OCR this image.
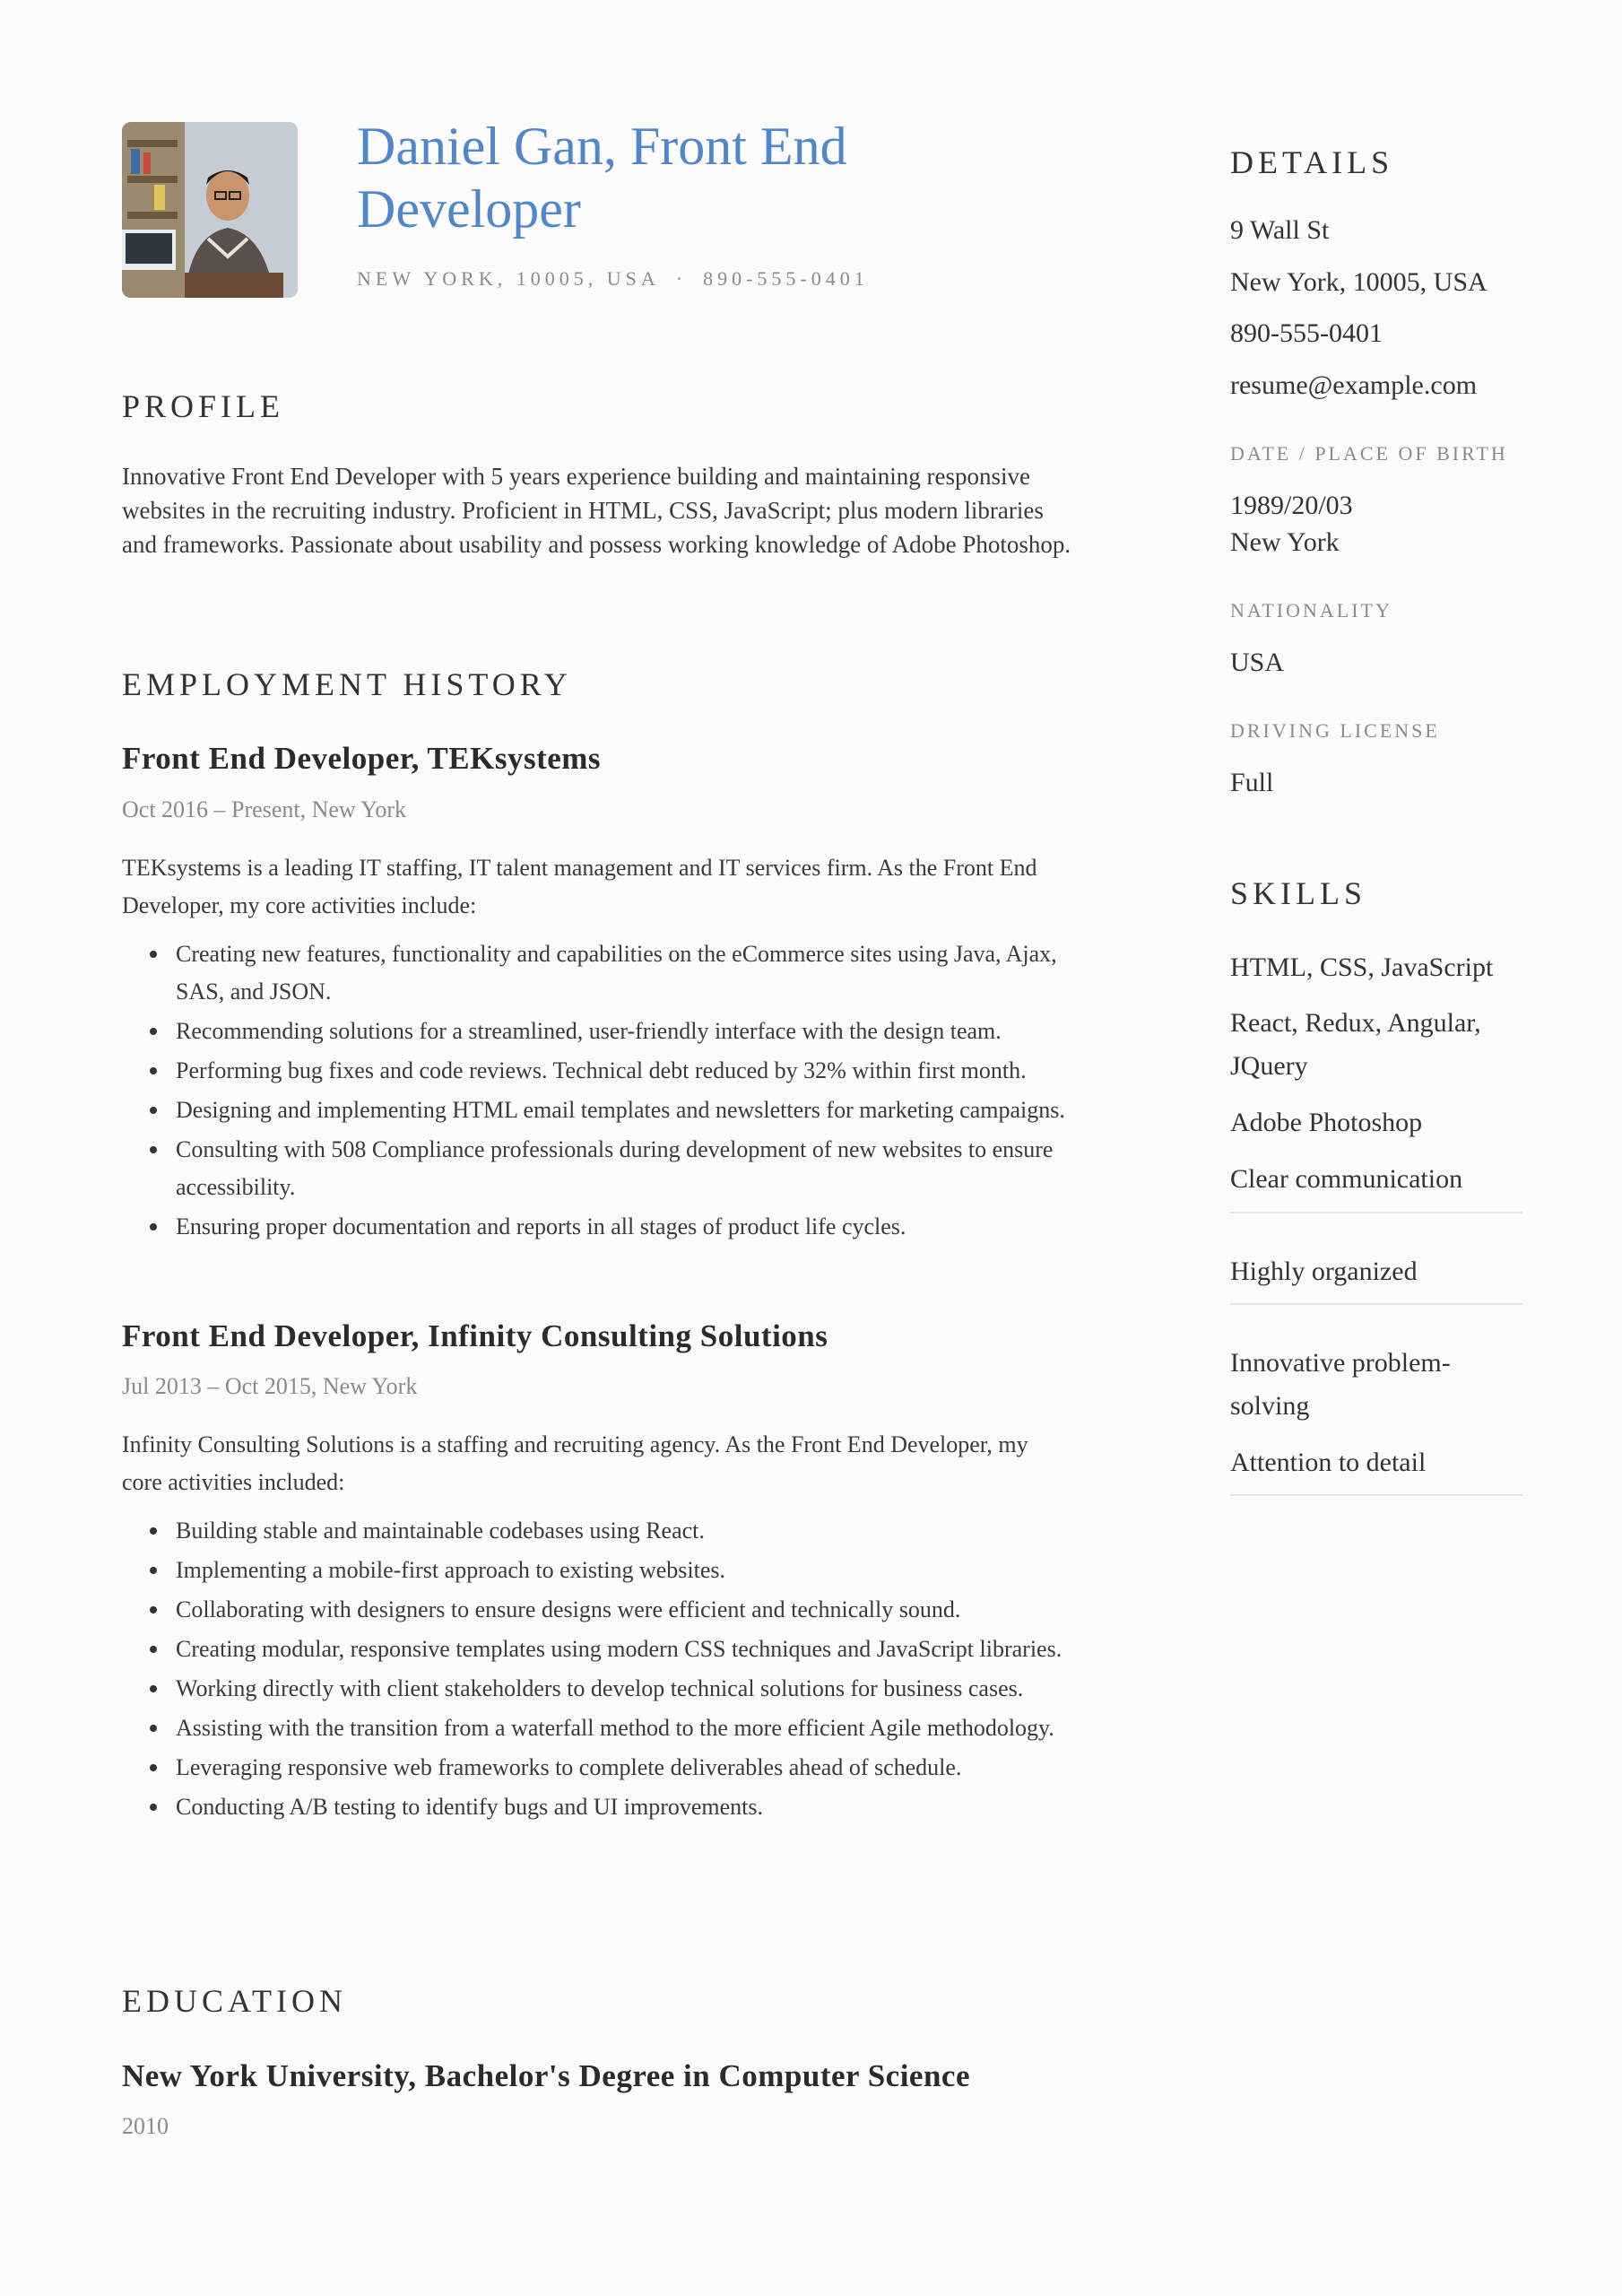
Daniel Gan, Front End Developer
NEW YORK, 10005, USA · 890-555-0401
PROFILE

Innovative Front End Developer with 5 years experience building and maintaining responsive websites in the recruiting industry. Proficient in HTML, CSS, JavaScript; plus modern libraries and frameworks. Passionate about usability and possess working knowledge of Adobe Photoshop.

EMPLOYMENT HISTORY
Front End Developer, TEKsystems
Oct 2016 – Present, New York

TEKsystems is a leading IT staffing, IT talent management and IT services firm. As the Front End Developer, my core activities include:

Creating new features, functionality and capabilities on the eCommerce sites using Java, Ajax, SAS, and JSON.
Recommending solutions for a streamlined, user-friendly interface with the design team.
Performing bug fixes and code reviews. Technical debt reduced by 32% within first month.
Designing and implementing HTML email templates and newsletters for marketing campaigns.
Consulting with 508 Compliance professionals during development of new websites to ensure accessibility.
Ensuring proper documentation and reports in all stages of product life cycles.
Front End Developer, Infinity Consulting Solutions
Jul 2013 – Oct 2015, New York

Infinity Consulting Solutions is a staffing and recruiting agency. As the Front End Developer, my core activities included:

Building stable and maintainable codebases using React.
Implementing a mobile-first approach to existing websites.
Collaborating with designers to ensure designs were efficient and technically sound.
Creating modular, responsive templates using modern CSS techniques and JavaScript libraries.
Working directly with client stakeholders to develop technical solutions for business cases.
Assisting with the transition from a waterfall method to the more efficient Agile methodology.
Leveraging responsive web frameworks to complete deliverables ahead of schedule.
Conducting A/B testing to identify bugs and UI improvements.
EDUCATION
New York University, Bachelor's Degree in Computer Science
2010
DETAILS
9 Wall St
New York, 10005, USA
890-555-0401
resume@example.com
DATE / PLACE OF BIRTH
1989/20/03
New York
NATIONALITY
USA
DRIVING LICENSE
Full
SKILLS
HTML, CSS, JavaScript
React, Redux, Angular, JQuery
Adobe Photoshop
Clear communication
Highly organized
Innovative problem-solving
Attention to detail
